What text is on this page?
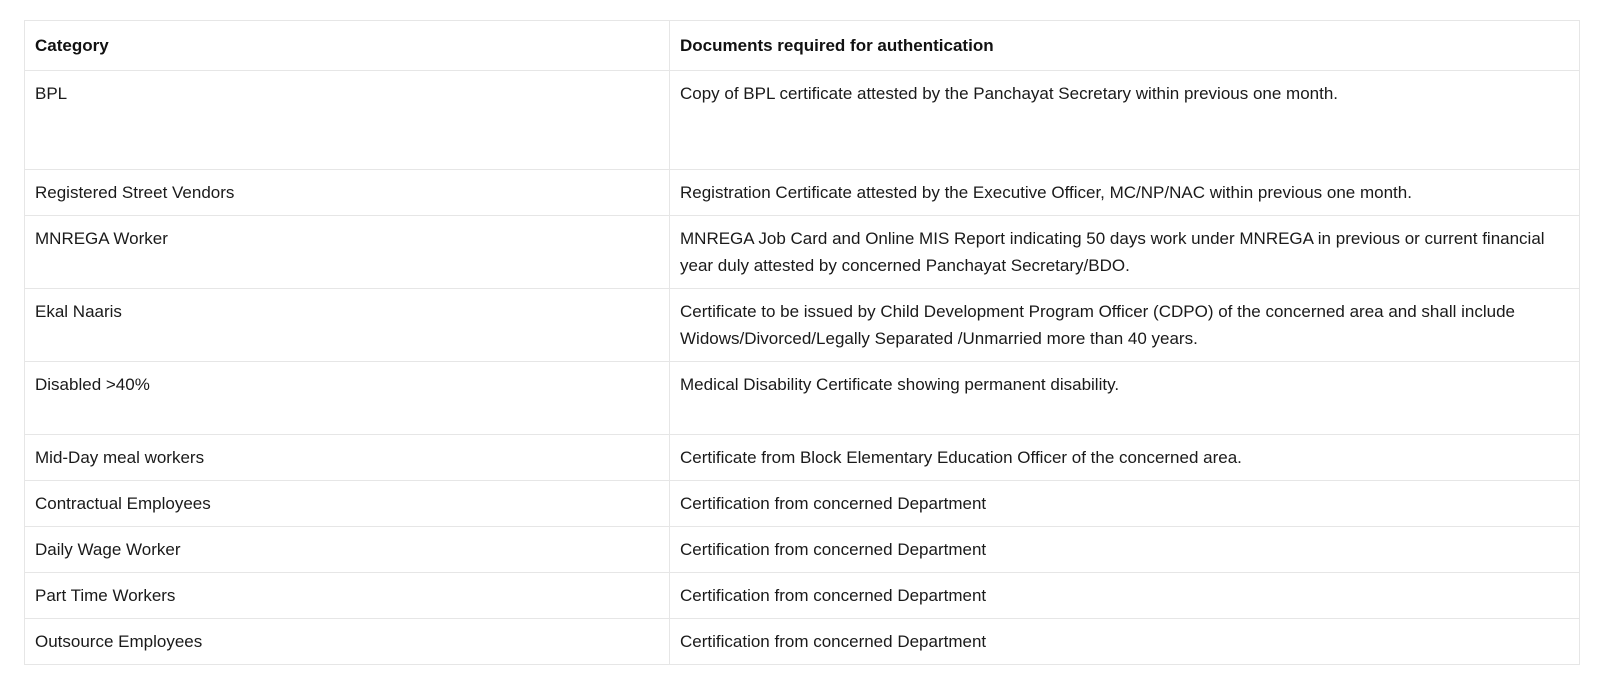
Category	Documents required for authentication
BPL	Copy of BPL certificate attested by the Panchayat Secretary within previous one month.
Registered Street Vendors	Registration Certificate attested by the Executive Officer, MC/NP/NAC within previous one month.
MNREGA Worker	MNREGA Job Card and Online MIS Report indicating 50 days work under MNREGA in previous or current financial year duly attested by concerned Panchayat Secretary/BDO.
Ekal Naaris	Certificate to be issued by Child Development Program Officer (CDPO) of the concerned area and shall include Widows/Divorced/Legally Separated /Unmarried more than 40 years.
Disabled >40%	Medical Disability Certificate showing permanent disability.
Mid-Day meal workers	Certificate from Block Elementary Education Officer of the concerned area.
Contractual Employees	Certification from concerned Department
Daily Wage Worker	Certification from concerned Department
Part Time Workers	Certification from concerned Department
Outsource Employees	Certification from concerned Department
